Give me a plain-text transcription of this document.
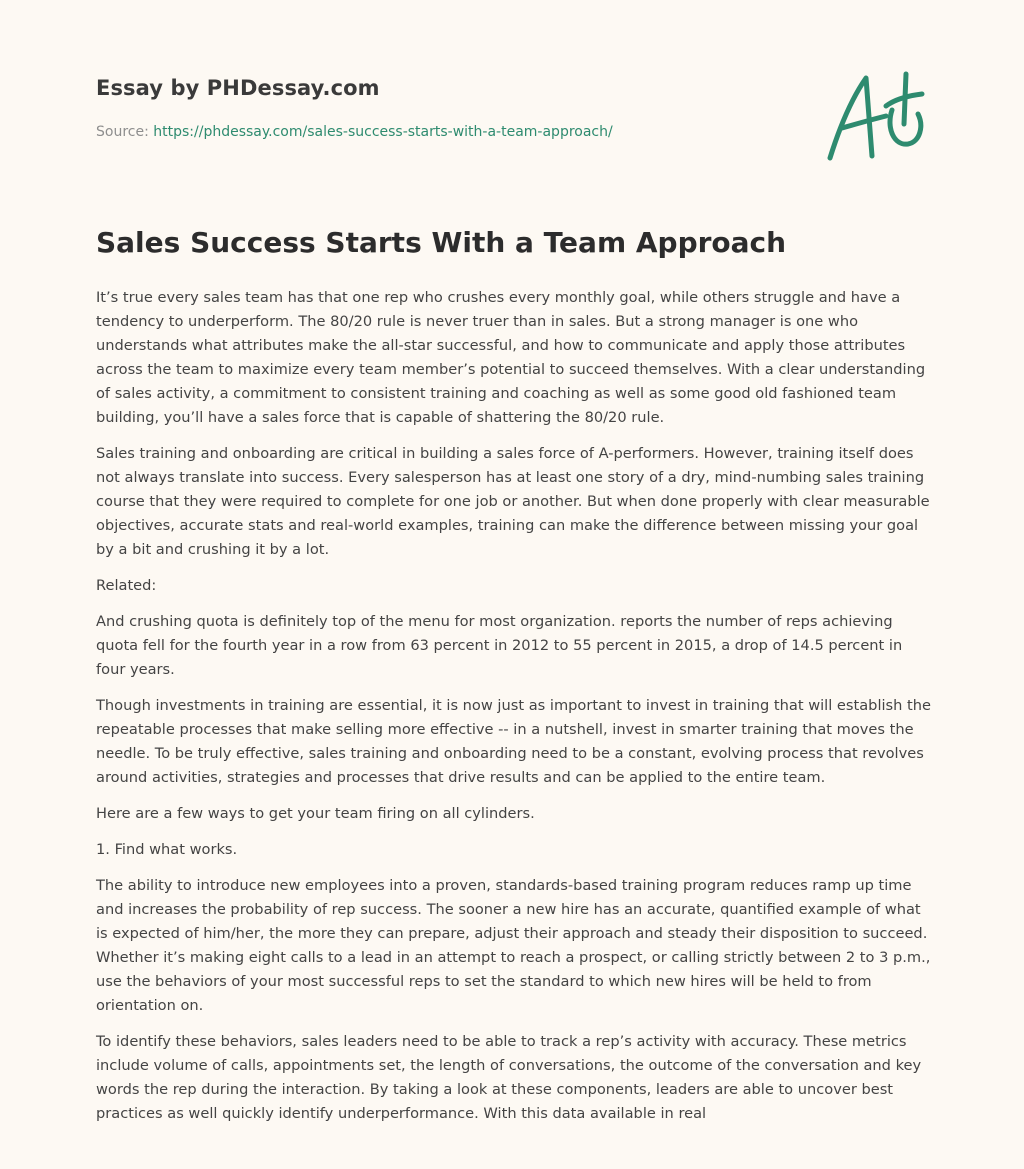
Essay by PHDessay.com
Source: https://phdessay.com/sales-success-starts-with-a-team-approach/
Sales Success Starts With a Team Approach

It’s true every sales team has that one rep who crushes every monthly goal, while others struggle and have a tendency to underperform. The 80/20 rule is never truer than in sales. But a strong manager is one who understands what attributes make the all-star successful, and how to communicate and apply those attributes across the team to maximize every team member’s potential to succeed themselves. With a clear understanding of sales activity, a commitment to consistent training and coaching as well as some good old fashioned team building, you’ll have a sales force that is capable of shattering the 80/20 rule.

Sales training and onboarding are critical in building a sales force of A-performers. However, training itself does not always translate into success. Every salesperson has at least one story of a dry, mind-numbing sales training course that they were required to complete for one job or another. But when done properly with clear measurable objectives, accurate stats and real-world examples, training can make the difference between missing your goal by a bit and crushing it by a lot.

Related:

And crushing quota is definitely top of the menu for most organization. reports the number of reps achieving quota fell for the fourth year in a row from 63 percent in 2012 to 55 percent in 2015, a drop of 14.5 percent in four years.

Though investments in training are essential, it is now just as important to invest in training that will establish the repeatable processes that make selling more effective -- in a nutshell, invest in smarter training that moves the needle. To be truly effective, sales training and onboarding need to be a constant, evolving process that revolves around activities, strategies and processes that drive results and can be applied to the entire team.

Here are a few ways to get your team firing on all cylinders.

1. Find what works.

The ability to introduce new employees into a proven, standards-based training program reduces ramp up time and increases the probability of rep success. The sooner a new hire has an accurate, quantified example of what is expected of him/her, the more they can prepare, adjust their approach and steady their disposition to succeed. Whether it’s making eight calls to a lead in an attempt to reach a prospect, or calling strictly between 2 to 3 p.m., use the behaviors of your most successful reps to set the standard to which new hires will be held to from orientation on.

To identify these behaviors, sales leaders need to be able to track a rep’s activity with accuracy. These metrics include volume of calls, appointments set, the length of conversations, the outcome of the conversation and key words the rep during the interaction. By taking a look at these components, leaders are able to uncover best practices as well quickly identify underperformance. With this data available in real
